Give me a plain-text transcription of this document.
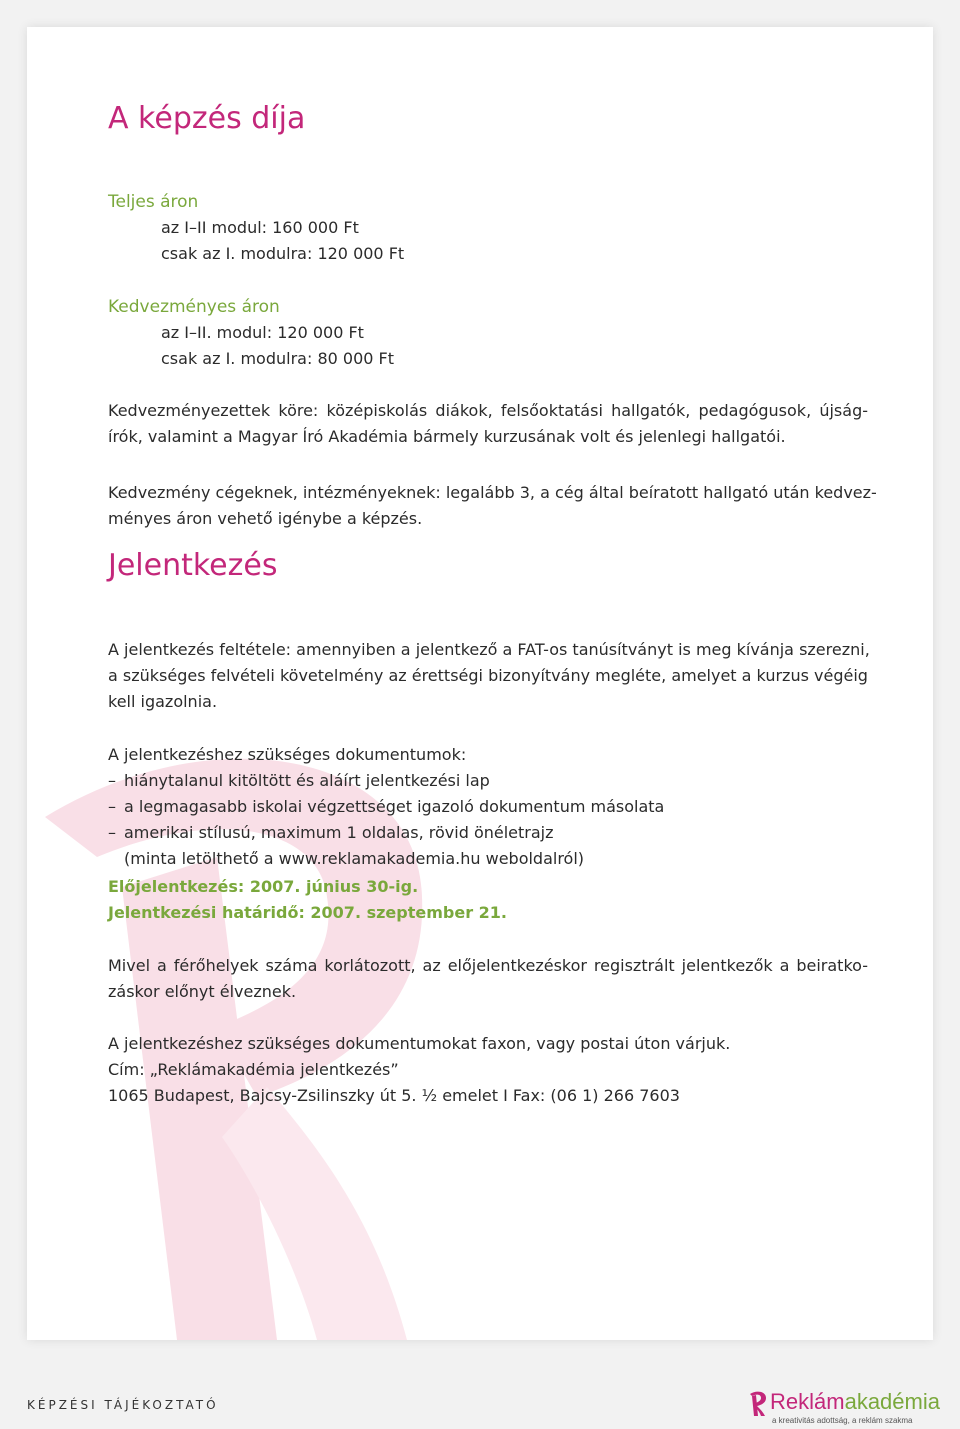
A képzés díja
Teljes áron
az I–II modul: 160 000 Ft
csak az I. modulra: 120 000 Ft
Kedvezményes áron
az I–II. modul: 120 000 Ft
csak az I. modulra: 80 000 Ft
Kedvezményezettek köre: középiskolás diákok, felsőoktatási hallgatók, pedagógusok, újság-
írók, valamint a Magyar Író Akadémia bármely kurzusának volt és jelenlegi hallgatói.
Kedvezmény cégeknek, intézményeknek: legalább 3, a cég által beíratott hallgató után kedvez-
ményes áron vehető igénybe a képzés.
Jelentkezés
A jelentkezés feltétele: amennyiben a jelentkező a FAT-os tanúsítványt is meg kívánja szerezni,
a szükséges felvételi követelmény az érettségi bizonyítvány megléte, amelyet a kurzus végéig
kell igazolnia.
A jelentkezéshez szükséges dokumentumok:
– hiánytalanul kitöltött és aláírt jelentkezési lap
– a legmagasabb iskolai végzettséget igazoló dokumentum másolata
– amerikai stílusú, maximum 1 oldalas, rövid önéletrajz
(minta letölthető a www.reklamakademia.hu weboldalról)
Előjelentkezés: 2007. június 30-ig.
Jelentkezési határidő: 2007. szeptember 21.
Mivel a férőhelyek száma korlátozott, az előjelentkezéskor regisztrált jelentkezők a beiratko-
záskor előnyt élveznek.
A jelentkezéshez szükséges dokumentumokat faxon, vagy postai úton várjuk.
Cím: „Reklámakadémia jelentkezés”
1065 Budapest, Bajcsy-Zsilinszky út 5. ½ emelet I Fax: (06 1) 266 7603
KÉPZÉSI TÁJÉKOZTATÓ	Reklámakadémia
a kreativitás adottság, a reklám szakma
